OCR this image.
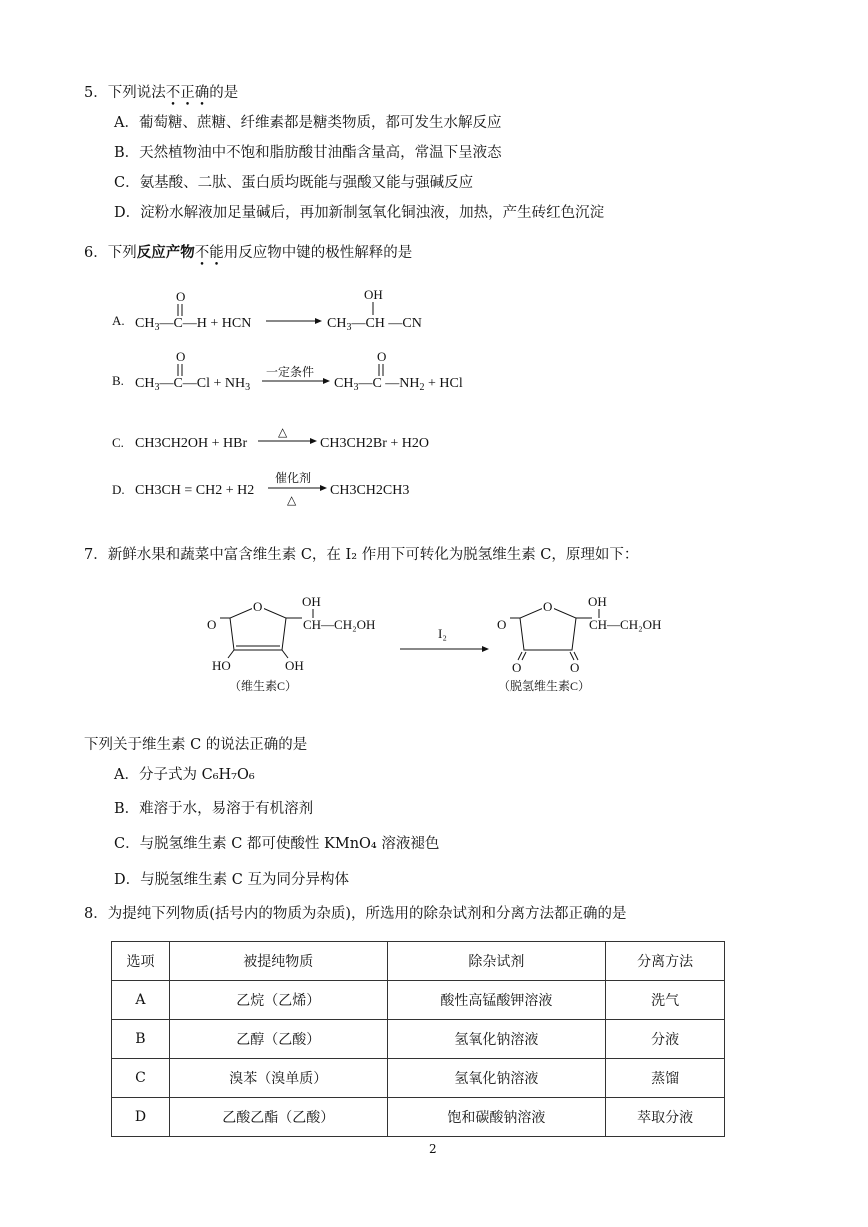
5．下列说法不正确的是
A．葡萄糖、蔗糖、纤维素都是糖类物质，都可发生水解反应
B．天然植物油中不饱和脂肪酸甘油酯含量高，常温下呈液态
C．氨基酸、二肽、蛋白质均既能与强酸又能与强碱反应
D．淀粉水解液加足量碱后，再加新制氢氧化铜浊液，加热，产生砖红色沉淀
6．下列反应产物不能用反应物中键的极性解释的是
A.
O
$CH_3—C—H$ + HCN
OH
$CH_3—CH$ —CN
B.
O
$CH_3—C—Cl + NH_3$
一定条件
O
$CH_3—C$ $—NH_2$ + HCl
C. CH3CH2OH + HBr
△
CH3CH2Br + H2O
D. CH3CH = CH2 + H2
催化剂
△
CH3CH2CH3
7．新鲜水果和蔬菜中富含维生素 C，在 I₂ 作用下可转化为脱氢维生素 C，原理如下：
O
O
OH
CH—CH₂OH
HO	OH
（维生素C）
I₂
O
O
OH
CH—CH₂OH
O	O
（脱氢维生素C）
下列关于维生素 C 的说法正确的是
A．分子式为 C₆H₇O₆
B．难溶于水，易溶于有机溶剂
C．与脱氢维生素 C 都可使酸性 KMnO₄ 溶液褪色
D．与脱氢维生素 C 互为同分异构体
8．为提纯下列物质(括号内的物质为杂质)，所选用的除杂试剂和分离方法都正确的是
选项	被提纯物质	除杂试剂	分离方法
A	乙烷（乙烯）	酸性高锰酸钾溶液	洗气
B	乙醇（乙酸）	氢氧化钠溶液	分液
C	溴苯（溴单质）	氢氧化钠溶液	蒸馏
D	乙酸乙酯（乙酸）	饱和碳酸钠溶液	萃取分液
2
